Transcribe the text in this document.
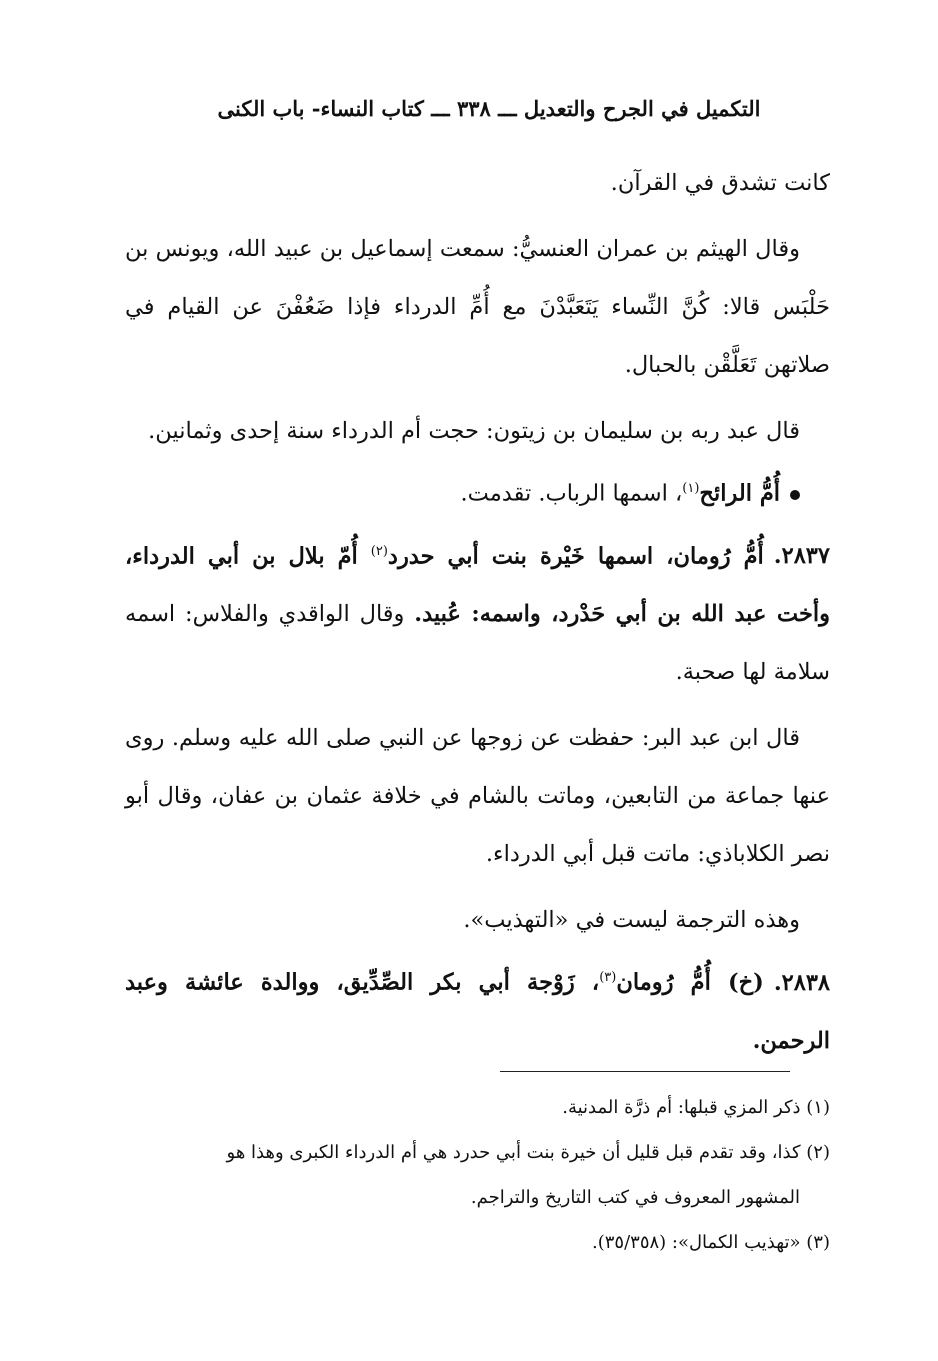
التكميل في الجرح والتعديل ـــ ٣٣٨ ـــ كتاب النساء- باب الكنى

كانت تشدق في القرآن.

وقال الهيثم بن عمران العنسيُّ: سمعت إسماعيل بن عبيد الله، ويونس بن حَلْبَس قالا: كُنَّ النِّساء يَتَعَبَّدْنَ مع أُمِّ الدرداء فإذا ضَعُفْنَ عن القيام في صلاتهن تَعَلَّقْن بالحبال.

قال عبد ربه بن سليمان بن زيتون: حجت أم الدرداء سنة إحدى وثمانين.

أُمُّ الرائح$^{(١)}$، اسمها الرباب. تقدمت.

٢٨٣٧.أُمُّ رُومان، اسمها خَيْرة بنت أبي حدرد$^{(٢)}$ أُمّ بلال بن أبي الدرداء، وأخت عبد الله بن أبي حَدْرد، واسمه: عُبيد. وقال الواقدي والفلاس: اسمه سلامة لها صحبة.

قال ابن عبد البر: حفظت عن زوجها عن النبي صلى الله عليه وسلم. روى عنها جماعة من التابعين، وماتت بالشام في خلافة عثمان بن عفان، وقال أبو نصر الكلاباذي: ماتت قبل أبي الدرداء.

وهذه الترجمة ليست في «التهذيب».

٢٨٣٨.(خ) أُمُّ رُومان$^{(٣)}$، زَوْجة أبي بكر الصِّدِّيق، ووالدة عائشة وعبد الرحمن.

(١) ذكر المزي قبلها: أم ذرَّة المدنية.

(٢) كذا، وقد تقدم قبل قليل أن خيرة بنت أبي حدرد هي أم الدرداء الكبرى وهذا هو

المشهور المعروف في كتب التاريخ والتراجم.

(٣) «تهذيب الكمال»: (٣٥/٣٥٨).
